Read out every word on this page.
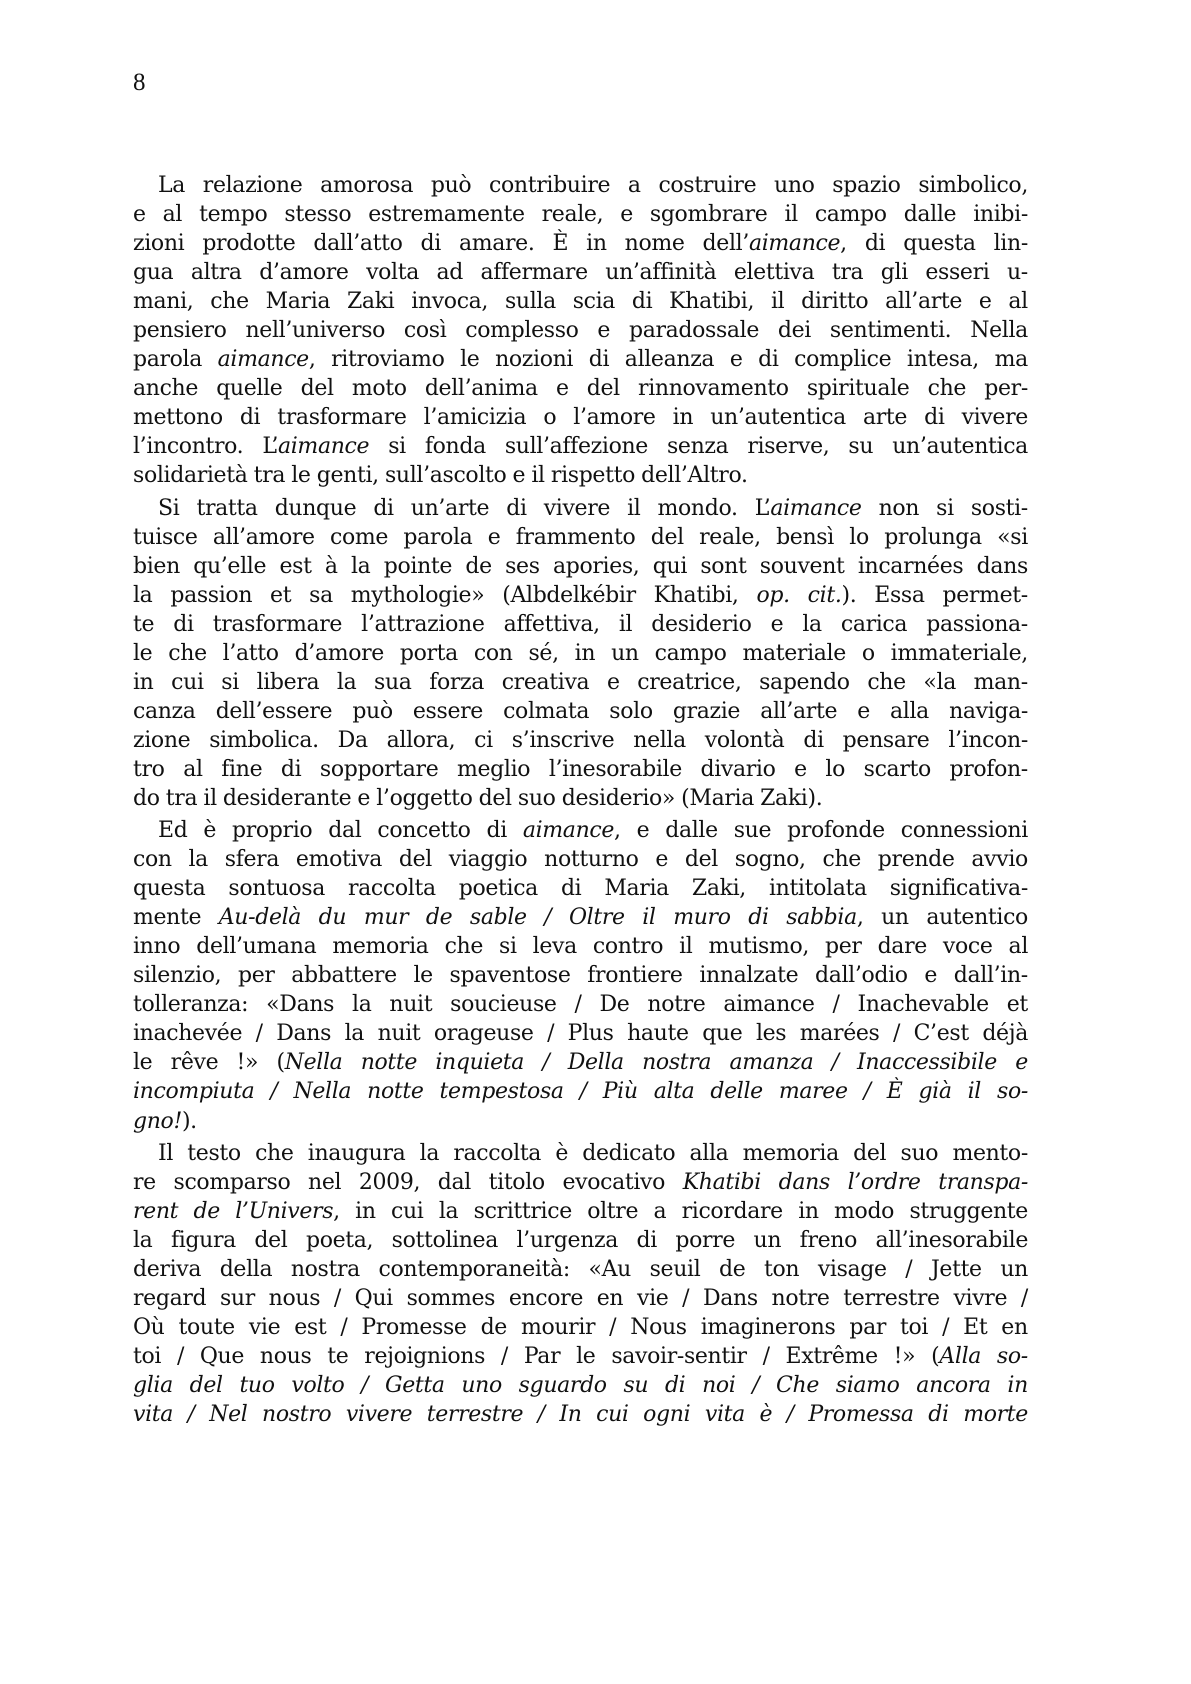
8
La relazione amorosa può contribuire a costruire uno spazio simbolico,
e al tempo stesso estremamente reale, e sgombrare il campo dalle inibi-
zioni prodotte dall’atto di amare. È in nome dell’aimance, di questa lin-
gua altra d’amore volta ad affermare un’affinità elettiva tra gli esseri u-
mani, che Maria Zaki invoca, sulla scia di Khatibi, il diritto all’arte e al
pensiero nell’universo così complesso e paradossale dei sentimenti. Nella
parola aimance, ritroviamo le nozioni di alleanza e di complice intesa, ma
anche quelle del moto dell’anima e del rinnovamento spirituale che per-
mettono di trasformare l’amicizia o l’amore in un’autentica arte di vivere
l’incontro. L’aimance si fonda sull’affezione senza riserve, su un’autentica
solidarietà tra le genti, sull’ascolto e il rispetto dell’Altro.
Si tratta dunque di un’arte di vivere il mondo. L’aimance non si sosti-
tuisce all’amore come parola e frammento del reale, bensì lo prolunga «si
bien qu’elle est à la pointe de ses apories, qui sont souvent incarnées dans
la passion et sa mythologie» (Albdelkébir Khatibi, op. cit.). Essa permet-
te di trasformare l’attrazione affettiva, il desiderio e la carica passiona-
le che l’atto d’amore porta con sé, in un campo materiale o immateriale,
in cui si libera la sua forza creativa e creatrice, sapendo che «la man-
canza dell’essere può essere colmata solo grazie all’arte e alla naviga-
zione simbolica. Da allora, ci s’inscrive nella volontà di pensare l’incon-
tro al fine di sopportare meglio l’inesorabile divario e lo scarto profon-
do tra il desiderante e l’oggetto del suo desiderio» (Maria Zaki).
Ed è proprio dal concetto di aimance, e dalle sue profonde connessioni
con la sfera emotiva del viaggio notturno e del sogno, che prende avvio
questa sontuosa raccolta poetica di Maria Zaki, intitolata significativa-
mente Au-delà du mur de sable / Oltre il muro di sabbia, un autentico
inno dell’umana memoria che si leva contro il mutismo, per dare voce al
silenzio, per abbattere le spaventose frontiere innalzate dall’odio e dall’in-
tolleranza: «Dans la nuit soucieuse / De notre aimance / Inachevable et
inachevée / Dans la nuit orageuse / Plus haute que les marées / C’est déjà
le rêve !» (Nella notte inquieta / Della nostra amanza / Inaccessibile e
incompiuta / Nella notte tempestosa / Più alta delle maree / È già il so-
gno!).
Il testo che inaugura la raccolta è dedicato alla memoria del suo mento-
re scomparso nel 2009, dal titolo evocativo Khatibi dans l’ordre transpa-
rent de l’Univers, in cui la scrittrice oltre a ricordare in modo struggente
la figura del poeta, sottolinea l’urgenza di porre un freno all’inesorabile
deriva della nostra contemporaneità: «Au seuil de ton visage / Jette un
regard sur nous / Qui sommes encore en vie / Dans notre terrestre vivre /
Où toute vie est / Promesse de mourir / Nous imaginerons par toi / Et en
toi / Que nous te rejoignions / Par le savoir-sentir / Extrême !» (Alla so-
glia del tuo volto / Getta uno sguardo su di noi / Che siamo ancora in
vita / Nel nostro vivere terrestre / In cui ogni vita è / Promessa di morte
